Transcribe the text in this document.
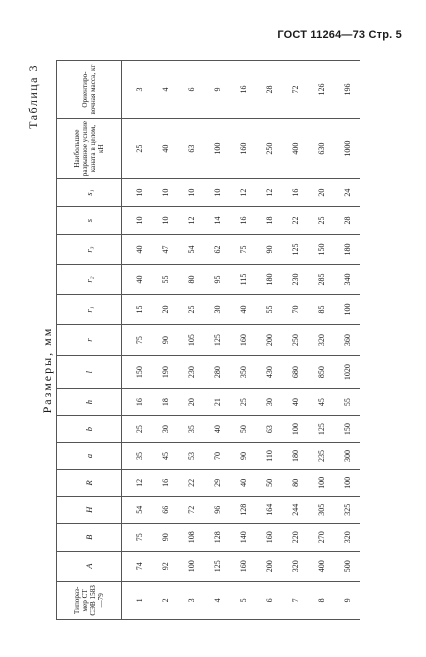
ГОСТ 11264—73 Стр. 5
Таблица 3
Размеры, мм
Типораз-мер СТ СЭВ 1583—79	A	B	H	R	a	b	h	l	r	r₁	r₂	r₃	s	s₁	Наибольшее разрывное усилие каната в целом, кН	Ориентиро-вочная масса, кг
1	74	75	54	12	35	25	16	150	75	15	40	40	10	10	25	3
2	92	90	66	16	45	30	18	190	90	20	55	47	10	10	40	4
3	100	108	72	22	53	35	20	230	105	25	80	54	12	10	63	6
4	125	128	96	29	70	40	21	280	125	30	95	62	14	10	100	9
5	160	140	128	40	90	50	25	350	160	40	115	75	16	12	160	16
6	200	160	164	50	110	63	30	430	200	55	180	90	18	12	250	28
7	320	220	244	80	180	100	40	680	250	70	230	125	22	16	400	72
8	400	270	305	100	235	125	45	850	320	85	285	150	25	20	630	126
9	500	320	325	100	300	150	55	1020	360	100	340	180	28	24	1000	196
